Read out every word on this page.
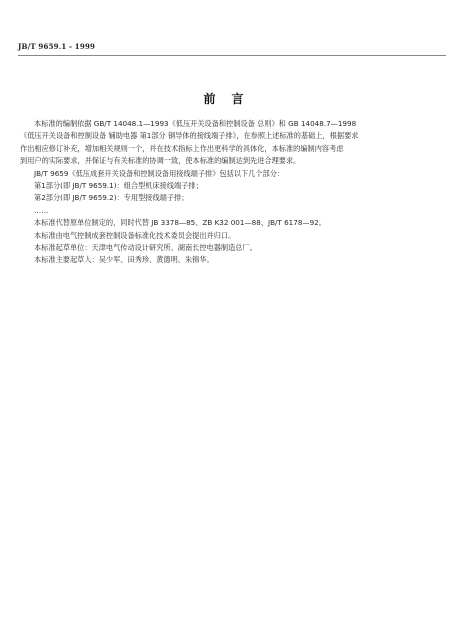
JB/T 9659.1 - 1999
前言

本标准的编制依据 GB/T 14048.1—1993《低压开关设备和控制设备 总则》和 GB 14048.7—1998

《低压开关设备和控制设备 辅助电器 第1部分 铜导体的接线端子排》，在参照上述标准的基础上，根据要求

作出相应修订补充，增加相关规则一个，并在技术指标上作出更科学的具体化，本标准的编制内容考虑

到用户的实际要求，并保证与有关标准的协调一致，使本标准的编制达到先进合理要求。

JB/T 9659《低压成套开关设备和控制设备用接线端子排》包括以下几个部分：

第1部分(即 JB/T 9659.1)：组合型机床接线端子排；

第2部分(即 JB/T 9659.2)：专用型接线端子排；

……

本标准代替原单位制定的，同时代替 JB 3378—85、ZB K32 001—88、JB/T 6178—92。

本标准由电气控制成套控制设备标准化技术委员会提出并归口。

本标准起草单位：天津电气传动设计研究所、湖南长控电器制造总厂。

本标准主要起草人：吴少军、田秀珍、黄德明、朱锦华。
